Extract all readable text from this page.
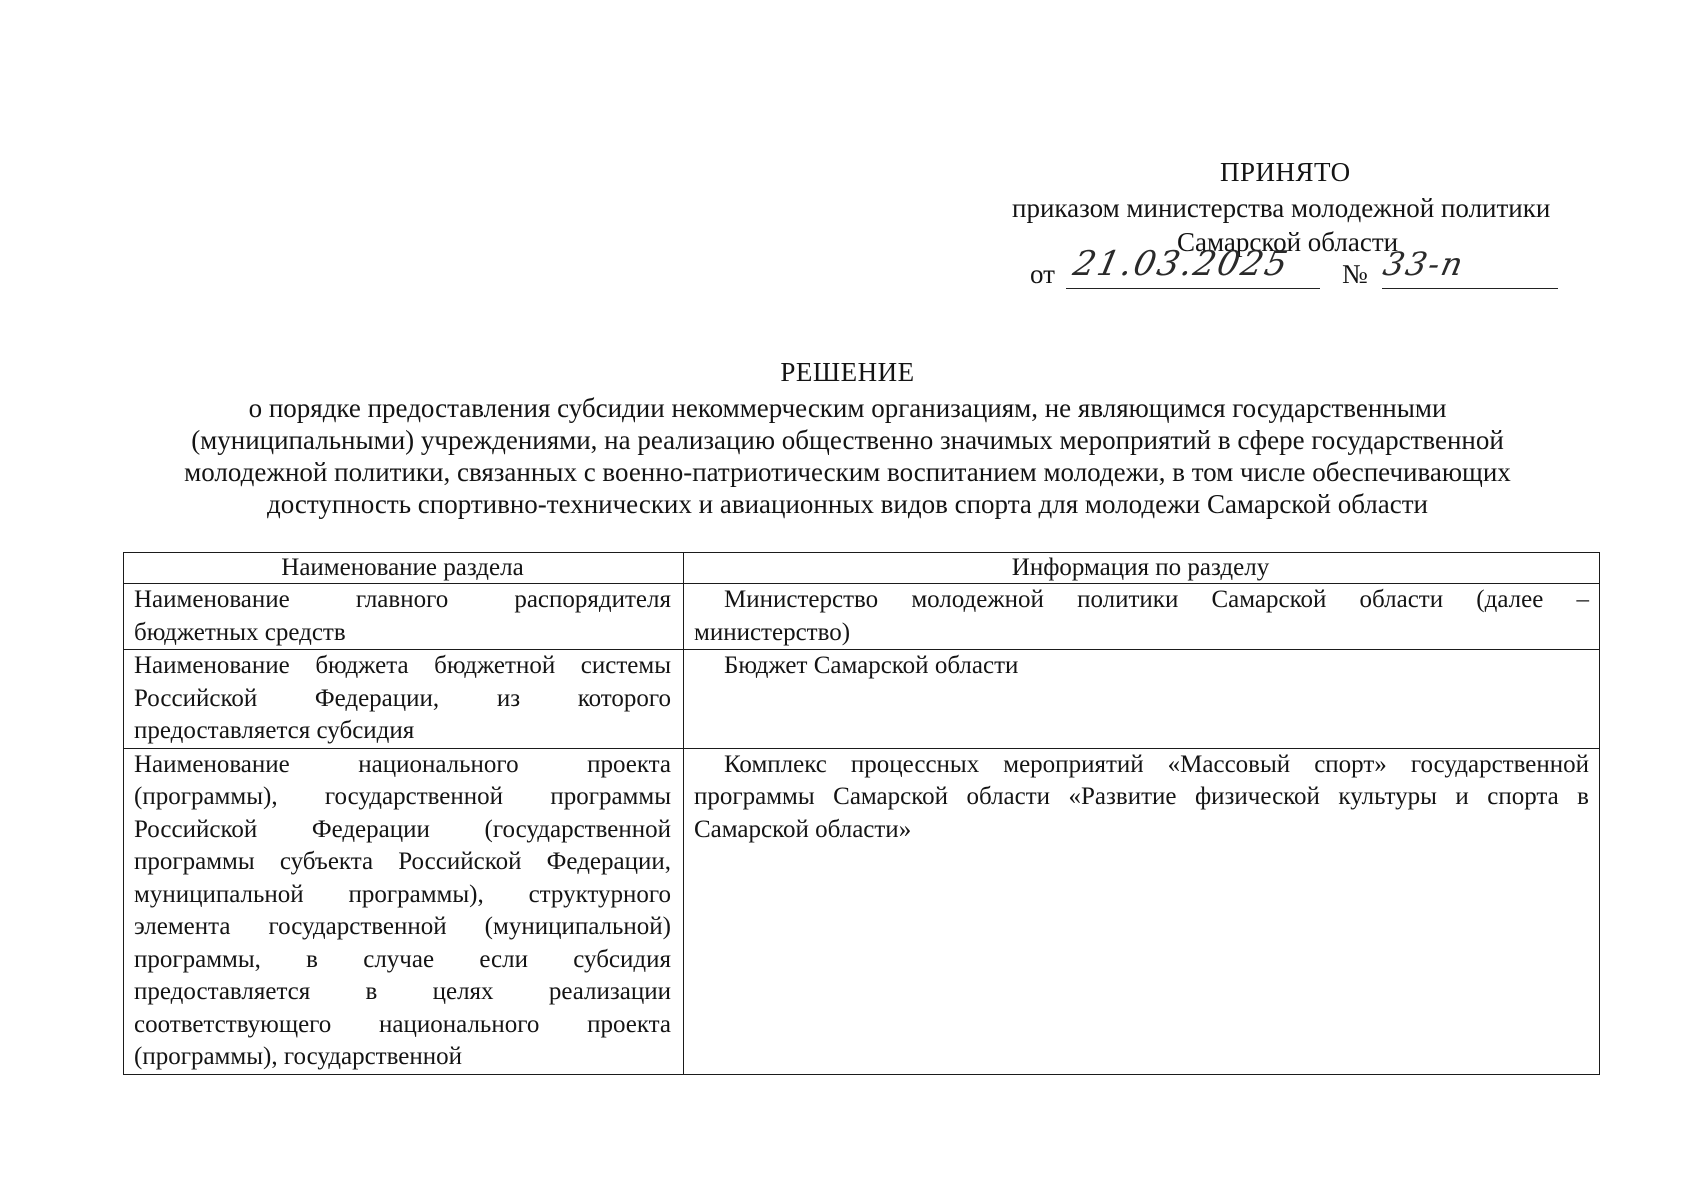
ПРИНЯТО
приказом министерства молодежной политики
Самарской области
от 21.03.2025 № 33-п
РЕШЕНИЕ
о порядке предоставления субсидии некоммерческим организациям, не являющимся государственными
(муниципальными) учреждениями, на реализацию общественно значимых мероприятий в сфере государственной
молодежной политики, связанных с военно-патриотическим воспитанием молодежи, в том числе обеспечивающих
доступность спортивно-технических и авиационных видов спорта для молодежи Самарской области
Наименование раздела	Информация по разделу

Наименование главного распорядителя бюджетных средств	Министерство молодежной политики Самарской области (далее – министерство)

Наименование бюджета бюджетной системы Российской Федерации, из которого предоставляется субсидия	Бюджет Самарской области

Наименование национального проекта (программы), государственной программы Российской Федерации (государственной программы субъекта Российской Федерации, муниципальной программы), структурного элемента государственной (муниципальной) программы, в случае если субсидия предоставляется в целях реализации соответствующего национального проекта (программы), государственной	Комплекс процессных мероприятий «Массовый спорт» государственной программы Самарской области «Развитие физической культуры и спорта в Самарской области»
